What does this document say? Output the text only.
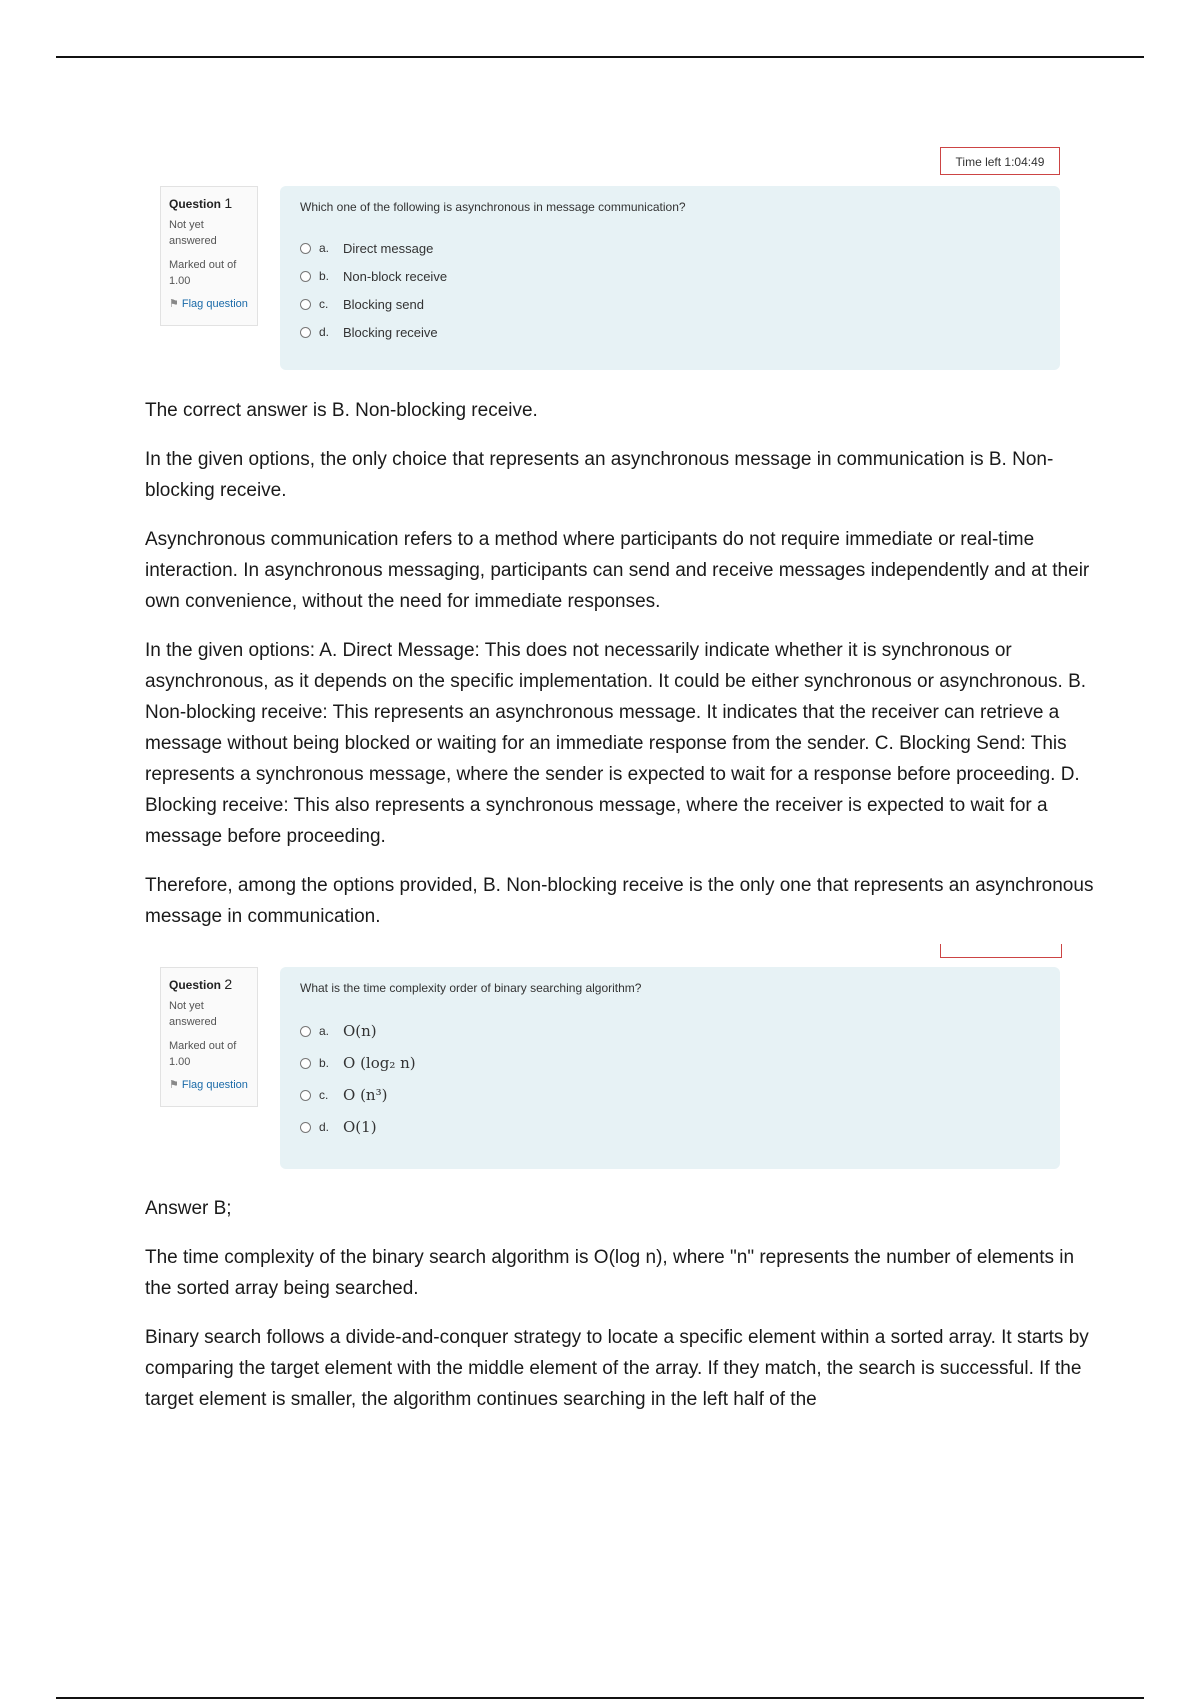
Time left 1:04:49
Question 1
Not yet answered
Marked out of 1.00
⚑ Flag question
Which one of the following is asynchronous in message communication?
a.	Direct message
b.	Non-block receive
c.	Blocking send
d.	Blocking receive

The correct answer is B. Non-blocking receive.

In the given options, the only choice that represents an asynchronous message in communication is B. Non-blocking receive.

Asynchronous communication refers to a method where participants do not require immediate or real-time interaction. In asynchronous messaging, participants can send and receive messages independently and at their own convenience, without the need for immediate responses.

In the given options: A. Direct Message: This does not necessarily indicate whether it is synchronous or asynchronous, as it depends on the specific implementation. It could be either synchronous or asynchronous. B. Non-blocking receive: This represents an asynchronous message. It indicates that the receiver can retrieve a message without being blocked or waiting for an immediate response from the sender. C. Blocking Send: This represents a synchronous message, where the sender is expected to wait for a response before proceeding. D. Blocking receive: This also represents a synchronous message, where the receiver is expected to wait for a message before proceeding.

Therefore, among the options provided, B. Non-blocking receive is the only one that represents an asynchronous message in communication.

Question 2
Not yet answered
Marked out of 1.00
⚑ Flag question
What is the time complexity order of binary searching algorithm?
a. O(n)
b. O (log₂ n)
c. O (n³)
d. O(1)

Answer B;

The time complexity of the binary search algorithm is O(log n), where "n" represents the number of elements in the sorted array being searched.

Binary search follows a divide-and-conquer strategy to locate a specific element within a sorted array. It starts by comparing the target element with the middle element of the array. If they match, the search is successful. If the target element is smaller, the algorithm continues searching in the left half of the
